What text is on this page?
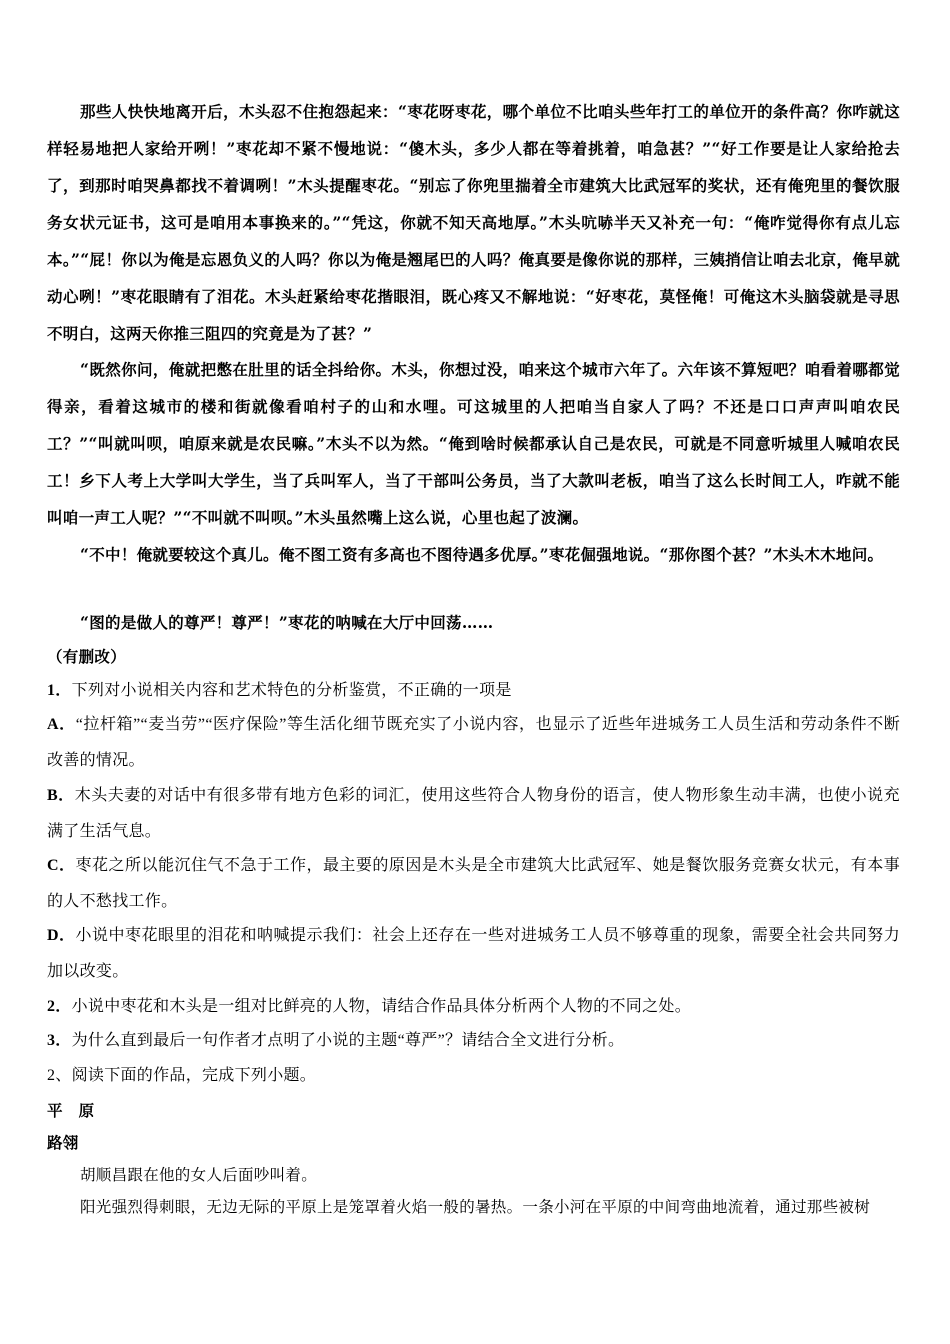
那些人快快地离开后，木头忍不住抱怨起来：“枣花呀枣花，哪个单位不比咱头些年打工的单位开的条件高？你咋就这样轻易地把人家给开咧！”枣花却不紧不慢地说：“傻木头，多少人都在等着挑着，咱急甚？”“好工作要是让人家给抢去了，到那时咱哭鼻都找不着调咧！”木头提醒枣花。“别忘了你兜里揣着全市建筑大比武冠军的奖状，还有俺兜里的餐饮服务女状元证书，这可是咱用本事换来的。”“凭这，你就不知天高地厚。”木头吭哧半天又补充一句：“俺咋觉得你有点儿忘本。”“屁！你以为俺是忘恩负义的人吗？你以为俺是翘尾巴的人吗？俺真要是像你说的那样，三姨捎信让咱去北京，俺早就动心咧！”枣花眼睛有了泪花。木头赶紧给枣花揩眼泪，既心疼又不解地说：“好枣花，莫怪俺！可俺这木头脑袋就是寻思不明白，这两天你推三阻四的究竟是为了甚？”
“既然你问，俺就把憋在肚里的话全抖给你。木头，你想过没，咱来这个城市六年了。六年该不算短吧？咱看着哪都觉得亲，看着这城市的楼和街就像看咱村子的山和水哩。可这城里的人把咱当自家人了吗？不还是口口声声叫咱农民工？”“叫就叫呗，咱原来就是农民嘛。”木头不以为然。“俺到啥时候都承认自己是农民，可就是不同意听城里人喊咱农民工！乡下人考上大学叫大学生，当了兵叫军人，当了干部叫公务员，当了大款叫老板，咱当了这么长时间工人，咋就不能叫咱一声工人呢？”“不叫就不叫呗。”木头虽然嘴上这么说，心里也起了波澜。
“不中！俺就要较这个真儿。俺不图工资有多高也不图待遇多优厚。”枣花倔强地说。“那你图个甚？”木头木木地问。
“图的是做人的尊严！尊严！”枣花的呐喊在大厅中回荡……
（有删改）
1．下列对小说相关内容和艺术特色的分析鉴赏，不正确的一项是
A．“拉杆箱”“麦当劳”“医疗保险”等生活化细节既充实了小说内容，也显示了近些年进城务工人员生活和劳动条件不断改善的情况。
B．木头夫妻的对话中有很多带有地方色彩的词汇，使用这些符合人物身份的语言，使人物形象生动丰满，也使小说充满了生活气息。
C．枣花之所以能沉住气不急于工作，最主要的原因是木头是全市建筑大比武冠军、她是餐饮服务竞赛女状元，有本事的人不愁找工作。
D．小说中枣花眼里的泪花和呐喊提示我们：社会上还存在一些对进城务工人员不够尊重的现象，需要全社会共同努力加以改变。
2．小说中枣花和木头是一组对比鲜亮的人物，请结合作品具体分析两个人物的不同之处。
3．为什么直到最后一句作者才点明了小说的主题“尊严”？请结合全文进行分析。
2、阅读下面的作品，完成下列小题。
平　原
路翎
胡顺昌跟在他的女人后面吵叫着。
阳光强烈得刺眼，无边无际的平原上是笼罩着火焰一般的暑热。一条小河在平原的中间弯曲地流着，通过那些被树
